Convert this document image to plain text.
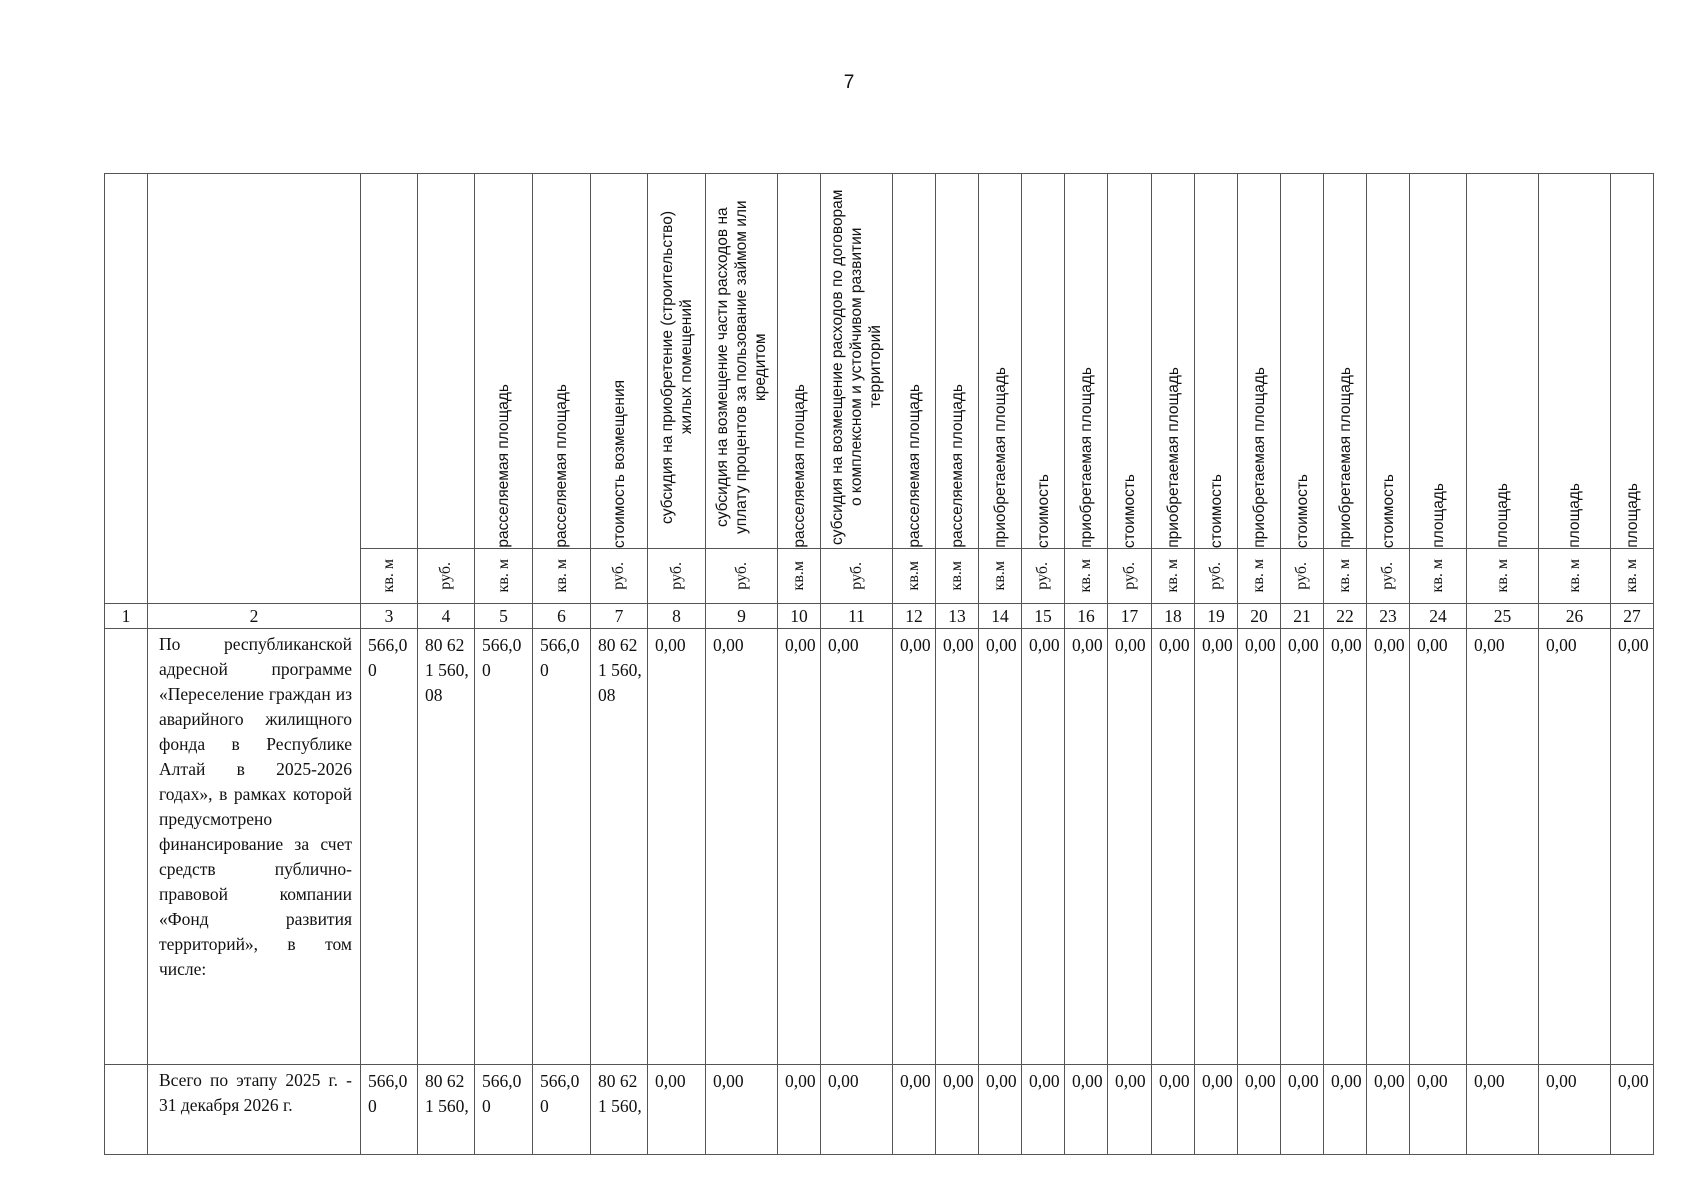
7

				расселяемая площадь	расселяемая площадь	стоимость возмещения	субсидия на приобретение (строительство) жилых помещений	субсидия на возмещение части расходов на уплату процентов за пользование займом или кредитом	расселяемая площадь	субсидия на возмещение расходов по договорам о комплексном и устойчивом развитии территорий	расселяемая площадь	расселяемая площадь	приобретаемая площадь	стоимость	приобретаемая площадь	стоимость	приобретаемая площадь	стоимость	приобретаемая площадь	стоимость	приобретаемая площадь	стоимость	площадь	площадь	площадь	площадь

		кв. м	руб.	кв. м	кв. м	руб.	руб.	руб.	кв.м	руб.	кв.м	кв.м	кв.м	руб.	кв. м	руб.	кв. м	руб.	кв. м	руб.	кв. м	руб.	кв. м	кв. м	кв. м	кв. м

1	2	3	4	5	6	7	8	9	10	11	12	13	14	15	16	17	18	19	20	21	22	23	24	25	26	27
	По республиканской адресной программе «Переселение граждан из аварийного жилищного фонда в Республике Алтай в 2025-2026 годах», в рамках которой предусмотрено финансирование за счет средств публично-правовой компании «Фонд развития территорий», в том числе:	566,00	80 621 560,08	566,00	566,00	80 621 560,08	0,00	0,00	0,00	0,00	0,00	0,00	0,00	0,00	0,00	0,00	0,00	0,00	0,00	0,00	0,00	0,00	0,00	0,00	0,00	0,00
	Всего по этапу 2025 г. - 31 декабря 2026 г.	566,00	80 621 560,	566,00	566,00	80 621 560,	0,00	0,00	0,00	0,00	0,00	0,00	0,00	0,00	0,00	0,00	0,00	0,00	0,00	0,00	0,00	0,00	0,00	0,00	0,00	0,00
